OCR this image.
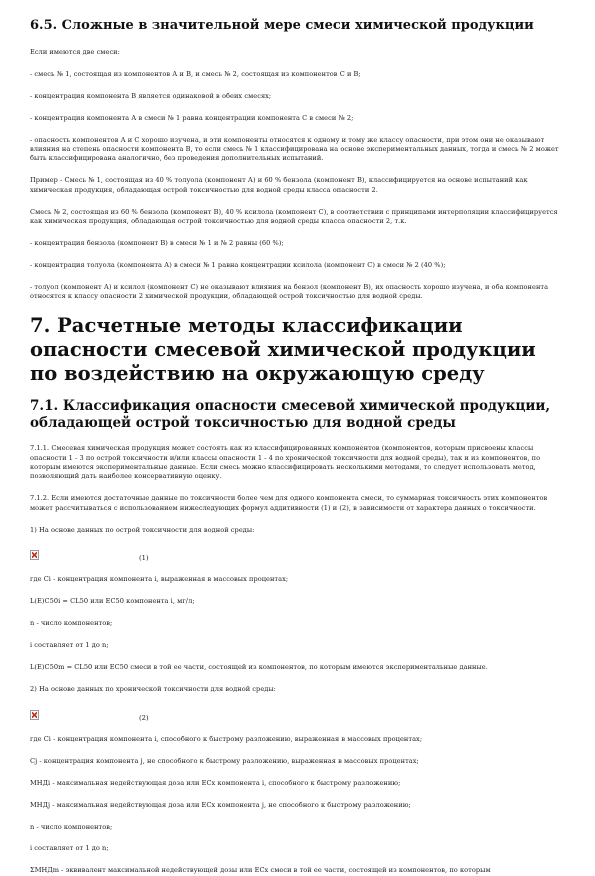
6.5. Сложные в значительной мере смеси химической продукции

Если имеются две смеси:

- смесь № 1, состоящая из компонентов А и В, и смесь № 2, состоящая из компонентов С и В;

- концентрация компонента В является одинаковой в обеих смесях;

- концентрация компонента А в смеси № 1 равна концентрации компонента С в смеси № 2;

- опасность компонентов А и С хорошо изучена, и эти компоненты относятся к одному и тому же классу опасности, при этом они не оказывают влияния на степень опасности компонента В, то если смесь № 1 классифицирована на основе экспериментальных данных, тогда и смесь № 2 может быть классифицирована аналогично, без проведения дополнительных испытаний.

Пример - Смесь № 1, состоящая из 40 % толуола (компонент А) и 60 % бензола (компонент В), классифицируется на основе испытаний как химическая продукция, обладающая острой токсичностью для водной среды класса опасности 2.

Смесь № 2, состоящая из 60 % бензола (компонент В), 40 % ксилола (компонент С), в соответствии с принципами интерполяции классифицируется как химическая продукция, обладающая острой токсичностью для водной среды класса опасности 2, т.к.

- концентрация бензола (компонент В) в смеси № 1 и № 2 равны (60 %);

- концентрация толуола (компонента А) в смеси № 1 равна концентрации ксилола (компонент С) в смеси № 2 (40 %);

- толуол (компонент А) и ксилол (компонент С) не оказывают влияния на бензол (компонент В), их опасность хорошо изучена, и оба компонента относятся к классу опасности 2 химической продукции, обладающей острой токсичностью для водной среды.

7. Расчетные методы классификации опасности смесевой химической продукции по воздействию на окружающую среду
7.1. Классификация опасности смесевой химической продукции, обладающей острой токсичностью для водной среды

7.1.1. Смесевая химическая продукция может состоять как из классифицированных компонентов (компонентов, которым присвоены классы опасности 1 - 3 по острой токсичности и/или классы опасности 1 - 4 по хронической токсичности для водной среды), так и из компонентов, по которым имеются экспериментальные данные. Если смесь можно классифицировать несколькими методами, то следует использовать метод, позволяющий дать наиболее консервативную оценку.

7.1.2. Если имеются достаточные данные по токсичности более чем для одного компонента смеси, то суммарная токсичность этих компонентов может рассчитываться с использованием нижеследующих формул аддитивности (1) и (2), в зависимости от характера данных о токсичности.

1) На основе данных по острой токсичности для водной среды:

(1)

где Ci - концентрация компонента i, выраженная в массовых процентах;

L(E)C50i = CL50 или EC50 компонента i, мг/л;

n - число компонентов;

i составляет от 1 до n;

L(E)C50m = CL50 или EC50 смеси в той ее части, состоящей из компонентов, по которым имеются экспериментальные данные.

2) На основе данных по хронической токсичности для водной среды:

(2)

где Ci - концентрация компонента i, способного к быстрому разложению, выраженная в массовых процентах;

Cj - концентрация компонента j, не способного к быстрому разложению, выраженная в массовых процентах;

МНДi - максимальная недействующая доза или ECx компонента i, способного к быстрому разложению;

МНДj - максимальная недействующая доза или ECx компонента j, не способного к быстрому разложению;

n - число компонентов;

i составляет от 1 до n;

ΣМНДm - эквивалент максимальной недействующей дозы или ECx смеси в той ее части, состоящей из компонентов, по которым
